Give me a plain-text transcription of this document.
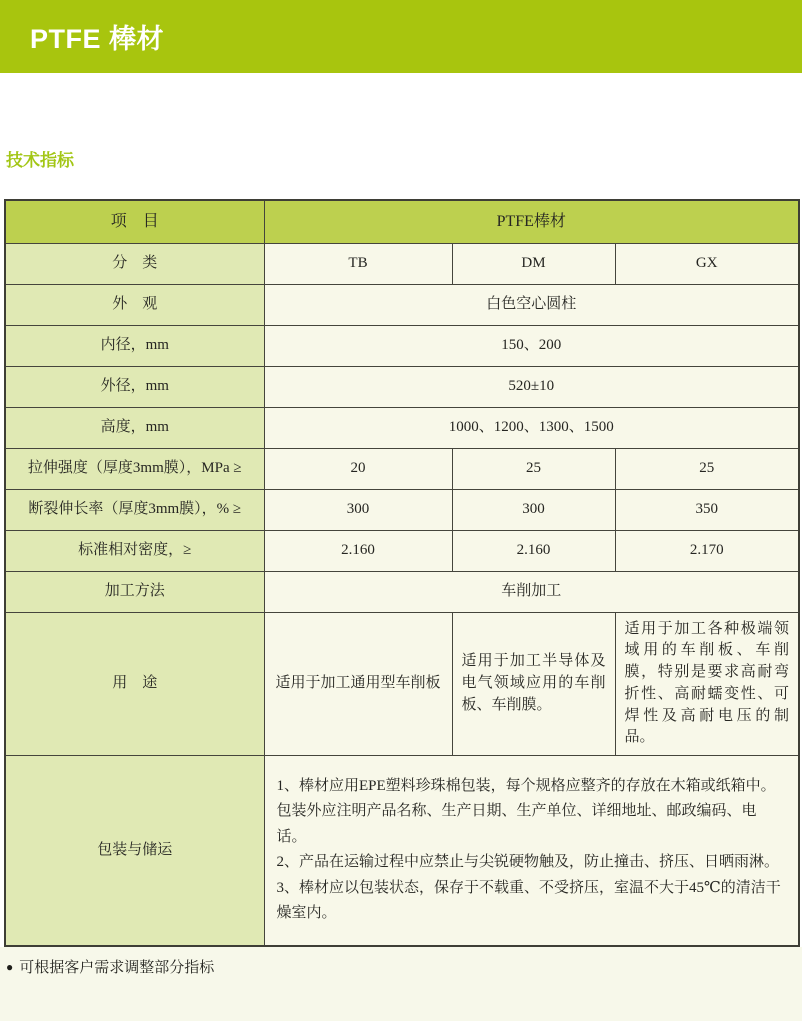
PTFE 棒材
技术指标
项　目	PTFE棒材		
分　类	TB	DM	GX
外　观	白色空心圆柱		
内径，mm	150、200		
外径，mm	520±10		
高度，mm	1000、1200、1300、1500		
拉伸强度（厚度3mm膜），MPa ≥	20	25	25
断裂伸长率（厚度3mm膜），% ≥	300	300	350
标准相对密度，≥	2.160	2.160	2.170
加工方法	车削加工		
用　途	适用于加工通用型车削板	适用于加工半导体及电气领域应用的车削板、车削膜。	适用于加工各种极端领域用的车削板、车削膜，特别是要求高耐弯折性、高耐蠕变性、可焊性及高耐电压的制品。
包装与储运	1、棒材应用EPE塑料珍珠棉包装，每个规格应整齐的存放在木箱或纸箱中。包装外应注明产品名称、生产日期、生产单位、详细地址、邮政编码、电话。
2、产品在运输过程中应禁止与尖锐硬物触及，防止撞击、挤压、日晒雨淋。
3、棒材应以包装状态，保存于不载重、不受挤压，室温不大于45℃的清洁干燥室内。		
● 可根据客户需求调整部分指标
